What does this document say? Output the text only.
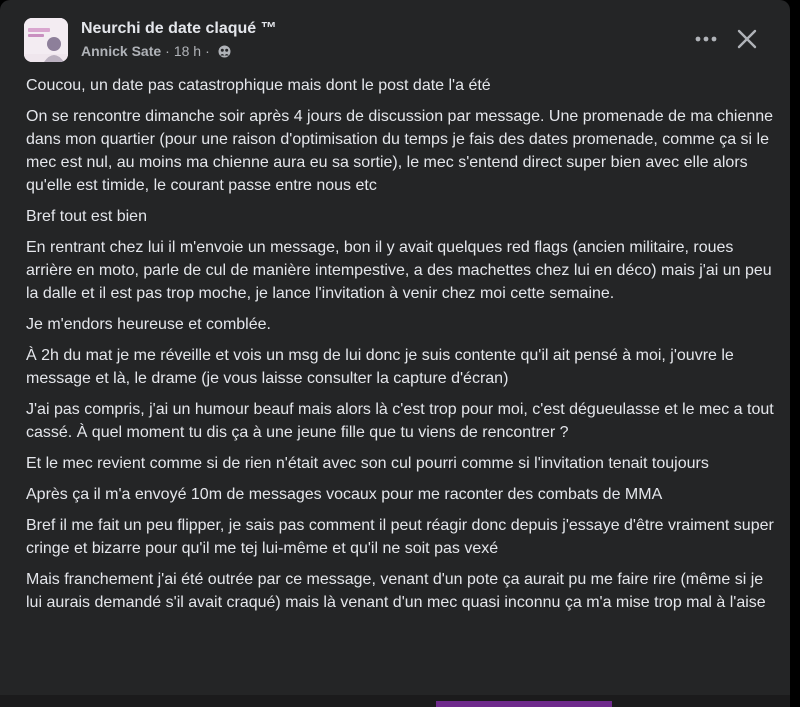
Neurchi de date claqué ™
Annick Sate · 18 h ·

Coucou, un date pas catastrophique mais dont le post date l'a été

On se rencontre dimanche soir après 4 jours de discussion par message. Une promenade de ma chienne dans mon quartier (pour une raison d'optimisation du temps je fais des dates promenade, comme ça si le mec est nul, au moins ma chienne aura eu sa sortie), le mec s'entend direct super bien avec elle alors qu'elle est timide, le courant passe entre nous etc

Bref tout est bien

En rentrant chez lui il m'envoie un message, bon il y avait quelques red flags (ancien militaire, roues arrière en moto, parle de cul de manière intempestive, a des machettes chez lui en déco) mais j'ai un peu la dalle et il est pas trop moche, je lance l'invitation à venir chez moi cette semaine.

Je m'endors heureuse et comblée.

À 2h du mat je me réveille et vois un msg de lui donc je suis contente qu'il ait pensé à moi, j'ouvre le message et là, le drame (je vous laisse consulter la capture d'écran)

J'ai pas compris, j'ai un humour beauf mais alors là c'est trop pour moi, c'est dégueulasse et le mec a tout cassé. À quel moment tu dis ça à une jeune fille que tu viens de rencontrer ?

Et le mec revient comme si de rien n'était avec son cul pourri comme si l'invitation tenait toujours

Après ça il m'a envoyé 10m de messages vocaux pour me raconter des combats de MMA

Bref il me fait un peu flipper, je sais pas comment il peut réagir donc depuis j'essaye d'être vraiment super cringe et bizarre pour qu'il me tej lui-même et qu'il ne soit pas vexé

Mais franchement j'ai été outrée par ce message, venant d'un pote ça aurait pu me faire rire (même si je lui aurais demandé s'il avait craqué) mais là venant d'un mec quasi inconnu ça m'a mise trop mal à l'aise
